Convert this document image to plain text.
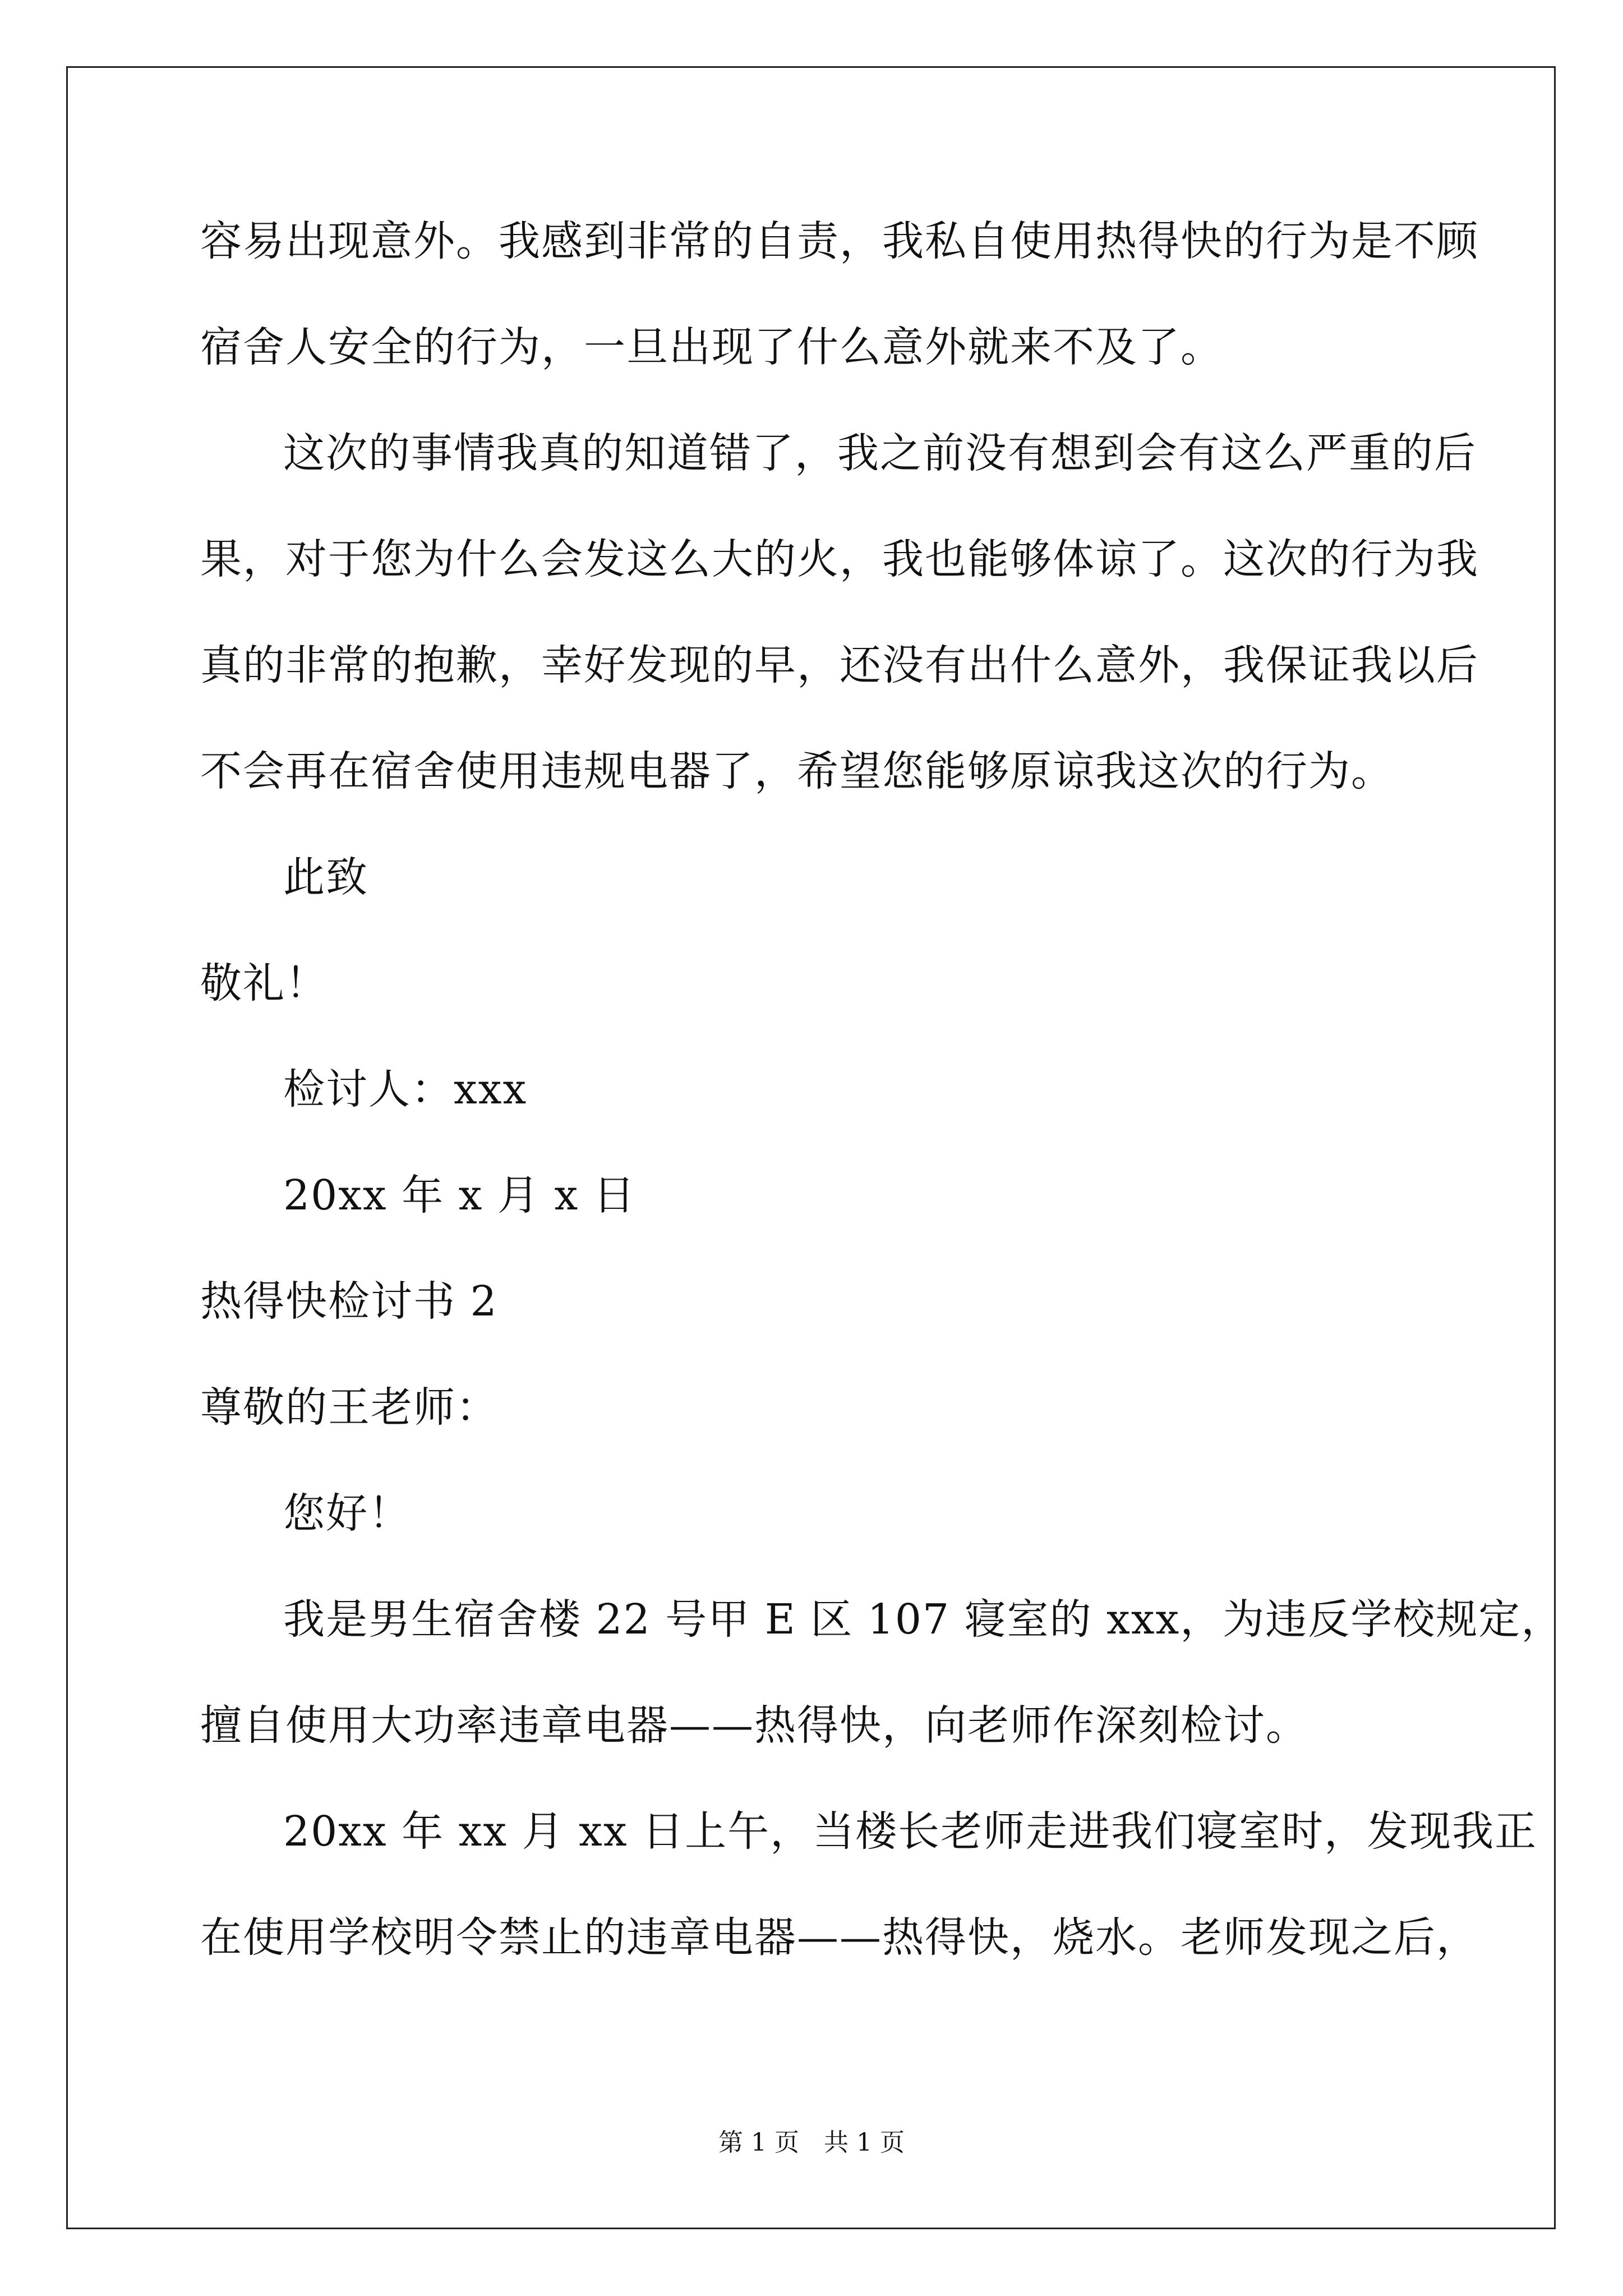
容易出现意外。我感到非常的自责，我私自使用热得快的行为是不顾
宿舍人安全的行为，一旦出现了什么意外就来不及了。
这次的事情我真的知道错了，我之前没有想到会有这么严重的后
果，对于您为什么会发这么大的火，我也能够体谅了。这次的行为我
真的非常的抱歉，幸好发现的早，还没有出什么意外，我保证我以后
不会再在宿舍使用违规电器了，希望您能够原谅我这次的行为。
此致
敬礼！
检讨人：xxx
20xx 年 x 月 x 日
热得快检讨书 2
尊敬的王老师：
您好！
我是男生宿舍楼 22 号甲 E 区 107 寝室的 xxx，为违反学校规定，
擅自使用大功率违章电器——热得快，向老师作深刻检讨。
20xx 年 xx 月 xx 日上午，当楼长老师走进我们寝室时，发现我正
在使用学校明令禁止的违章电器——热得快，烧水。老师发现之后，
第 1 页　共 1 页
